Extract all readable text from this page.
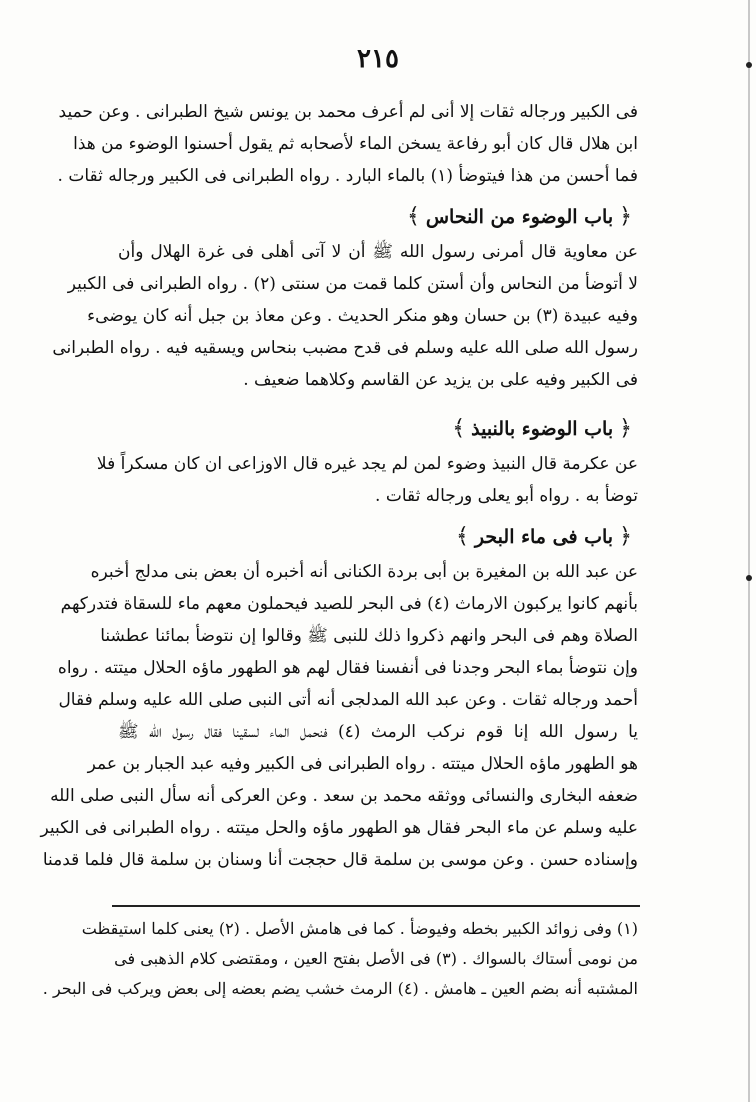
٢١٥
فى الكبير ورجاله ثقات إلا أنى لم أعرف محمد بن يونس شيخ الطبرانى . وعن حميد
ابن هلال قال كان أبو رفاعة يسخن الماء لأصحابه ثم يقول أحسنوا الوضوء من هذا
فما أحسن من هذا فيتوضأ (١) بالماء البارد . رواه الطبرانى فى الكبير ورجاله ثقات .
﴿باب الوضوء من النحاس﴾
عن معاوية قال أمرنى رسول الله ﷺ أن لا آتى أهلى فى غرة الهلال وأن
لا أتوضأ من النحاس وأن أستن كلما قمت من سنتى (٢) . رواه الطبرانى فى الكبير
وفيه عبيدة (٣) بن حسان وهو منكر الحديث . وعن معاذ بن جبل أنه كان يوضىء
رسول الله صلى الله عليه وسلم فى قدح مضبب بنحاس ويسقيه فيه . رواه الطبرانى
فى الكبير وفيه على بن يزيد عن القاسم وكلاهما ضعيف .
﴿باب الوضوء بالنبيذ﴾
عن عكرمة قال النبيذ وضوء لمن لم يجد غيره قال الاوزاعى ان كان مسكراً فلا
توضأ به . رواه أبو يعلى ورجاله ثقات .
﴿باب فى ماء البحر﴾
عن عبد الله بن المغيرة بن أبى بردة الكنانى أنه أخبره أن بعض بنى مدلج أخبره
بأنهم كانوا يركبون الارماث (٤) فى البحر للصيد فيحملون معهم ماء للسقاة فتدركهم
الصلاة وهم فى البحر وانهم ذكروا ذلك للنبى ﷺ وقالوا إن نتوضأ بمائنا عطشنا
وإن نتوضأ بماء البحر وجدنا فى أنفسنا فقال لهم هو الطهور ماؤه الحلال ميتته . رواه
أحمد ورجاله ثقات . وعن عبد الله المدلجى أنه أتى النبى صلى الله عليه وسلم فقال
يا رسول الله إنا قوم نركب الرمث (٤) فنحمل الماء لسقينا فقال رسول الله ﷺ
هو الطهور ماؤه الحلال ميتته . رواه الطبرانى فى الكبير وفيه عبد الجبار بن عمر
ضعفه البخارى والنسائى ووثقه محمد بن سعد . وعن العركى أنه سأل النبى صلى الله
عليه وسلم عن ماء البحر فقال هو الطهور ماؤه والحل ميتته . رواه الطبرانى فى الكبير
وإسناده حسن . وعن موسى بن سلمة قال حججت أنا وسنان بن سلمة قال فلما قدمنا
(١) وفى زوائد الكبير بخطه وفيوضأ . كما فى هامش الأصل . (٢) يعنى كلما استيقظت
من نومى أستاك بالسواك . (٣) فى الأصل بفتح العين ، ومقتضى كلام الذهبى فى
المشتبه أنه بضم العين ـ هامش . (٤) الرمث خشب يضم بعضه إلى بعض ويركب فى البحر .
